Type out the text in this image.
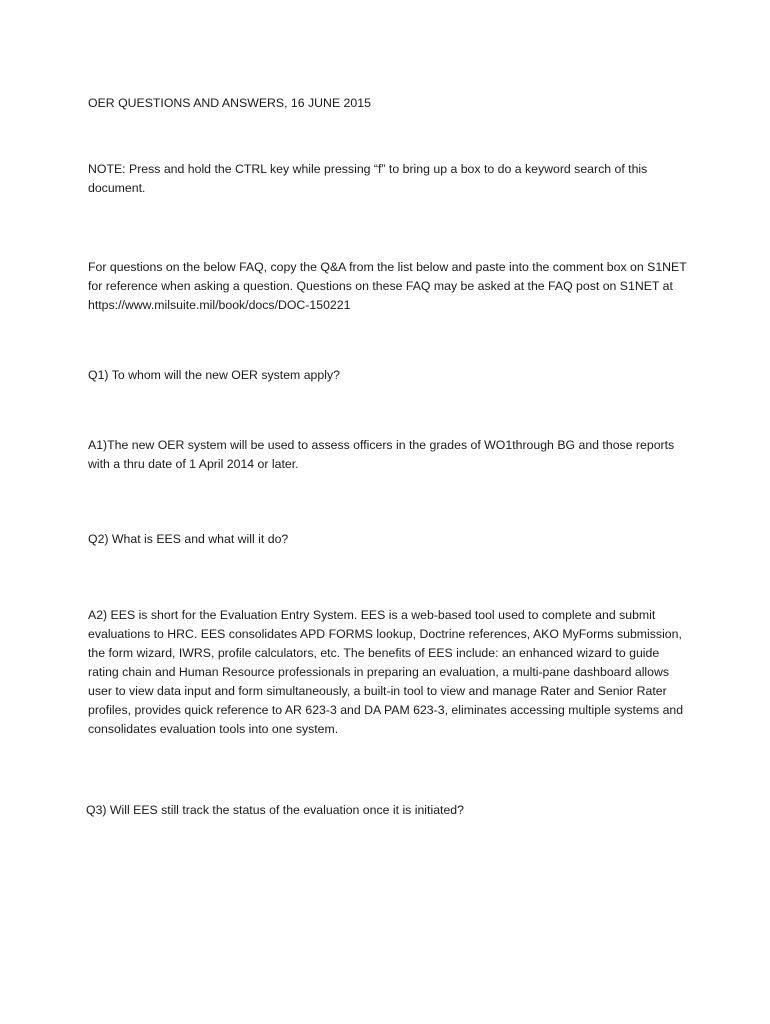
OER QUESTIONS AND ANSWERS, 16 JUNE 2015

NOTE: Press and hold the CTRL key while pressing “f” to bring up a box to do a keyword search of this document.

For questions on the below FAQ, copy the Q&A from the list below and paste into the comment box on S1NET for reference when asking a question. Questions on these FAQ may be asked at the FAQ post on S1NET at https://www.milsuite.mil/book/docs/DOC-150221

Q1) To whom will the new OER system apply?

A1)The new OER system will be used to assess officers in the grades of WO1through BG and those reports with a thru date of 1 April 2014 or later.

Q2) What is EES and what will it do?

A2) EES is short for the Evaluation Entry System. EES is a web-based tool used to complete and submit evaluations to HRC. EES consolidates APD FORMS lookup, Doctrine references, AKO MyForms submission, the form wizard, IWRS, profile calculators, etc. The benefits of EES include: an enhanced wizard to guide rating chain and Human Resource professionals in preparing an evaluation, a multi-pane dashboard allows user to view data input and form simultaneously, a built-in tool to view and manage Rater and Senior Rater profiles, provides quick reference to AR 623-3 and DA PAM 623-3, eliminates accessing multiple systems and consolidates evaluation tools into one system.

Q3) Will EES still track the status of the evaluation once it is initiated?
